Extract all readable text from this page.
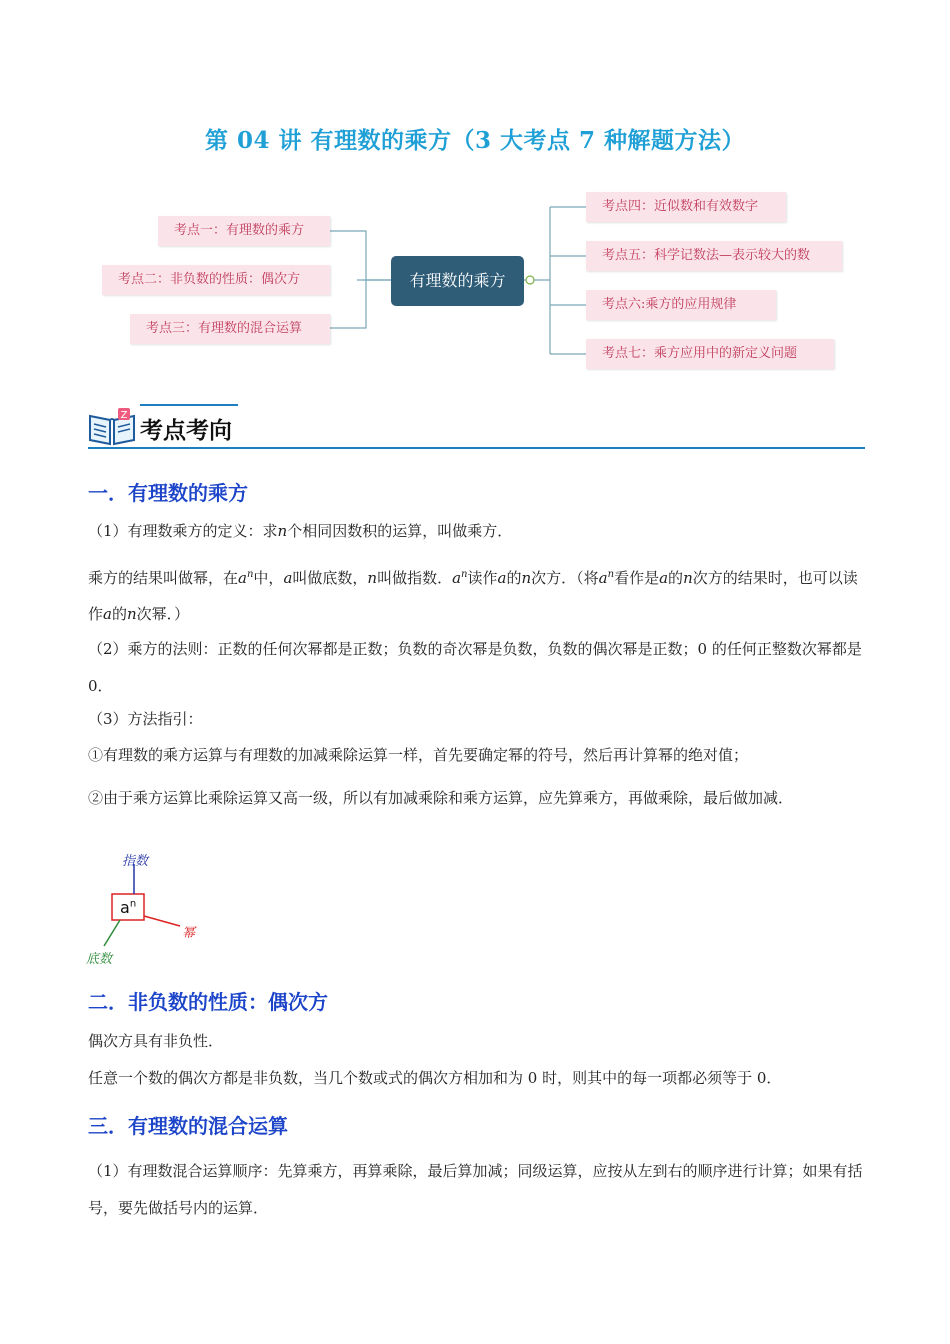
第 04 讲 有理数的乘方（3 大考点 7 种解题方法）
考点一：有理数的乘方
考点二：非负数的性质：偶次方
考点三：有理数的混合运算
有理数的乘方
考点四：近似数和有效数字
考点五：科学记数法—表示较大的数
考点六:乘方的应用规律
考点七：乘方应用中的新定义问题
Z
考点考向
一．有理数的乘方
（1）有理数乘方的定义：求n个相同因数积的运算，叫做乘方．
乘方的结果叫做幂，在$a^n$中，a叫做底数，n叫做指数．$a^n$读作a的n次方．（将$a^n$看作是a的n次方的结果时，也可以读作a的n次幂．）
（2）乘方的法则：正数的任何次幂都是正数；负数的奇次幂是负数，负数的偶次幂是正数；0 的任何正整数次幂都是 0．
（3）方法指引：
①有理数的乘方运算与有理数的加减乘除运算一样，首先要确定幂的符号，然后再计算幂的绝对值；
②由于乘方运算比乘除运算又高一级，所以有加减乘除和乘方运算，应先算乘方，再做乘除，最后做加减．
指数
幂
底数
$a^n$
二．非负数的性质：偶次方
偶次方具有非负性．
任意一个数的偶次方都是非负数，当几个数或式的偶次方相加和为 0 时，则其中的每一项都必须等于 0．
三．有理数的混合运算
（1）有理数混合运算顺序：先算乘方，再算乘除，最后算加减；同级运算，应按从左到右的顺序进行计算；如果有括号，要先做括号内的运算．
